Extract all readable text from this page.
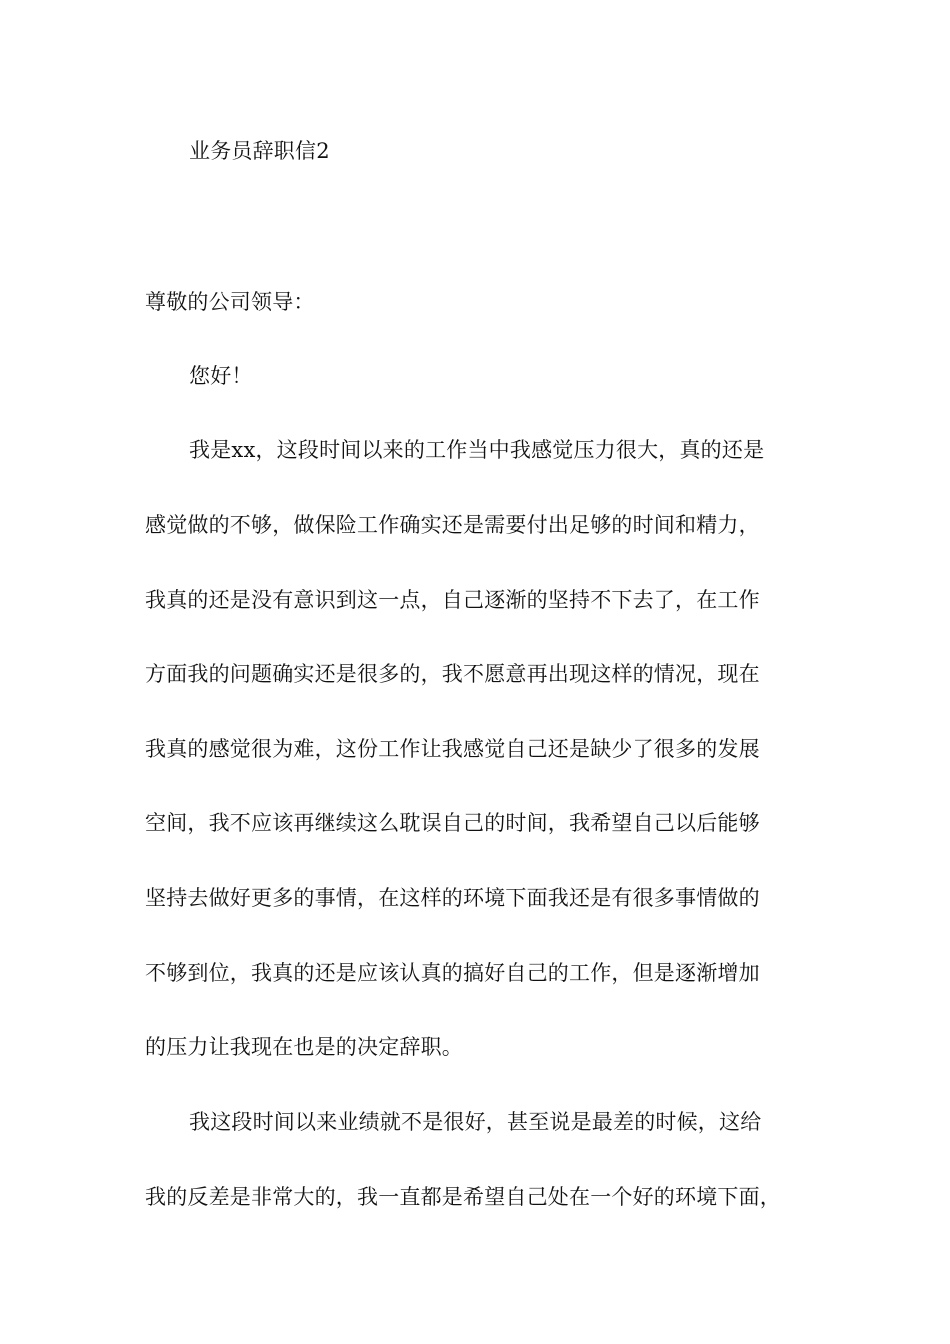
业务员辞职信2
尊敬的公司领导：
您好！
我是xx，这段时间以来的工作当中我感觉压力很大，真的还是
感觉做的不够，做保险工作确实还是需要付出足够的时间和精力，
我真的还是没有意识到这一点，自己逐渐的坚持不下去了，在工作
方面我的问题确实还是很多的，我不愿意再出现这样的情况，现在
我真的感觉很为难，这份工作让我感觉自己还是缺少了很多的发展
空间，我不应该再继续这么耽误自己的时间，我希望自己以后能够
坚持去做好更多的事情，在这样的环境下面我还是有很多事情做的
不够到位，我真的还是应该认真的搞好自己的工作，但是逐渐增加
的压力让我现在也是的决定辞职。
我这段时间以来业绩就不是很好，甚至说是最差的时候，这给
我的反差是非常大的，我一直都是希望自己处在一个好的环境下面，
